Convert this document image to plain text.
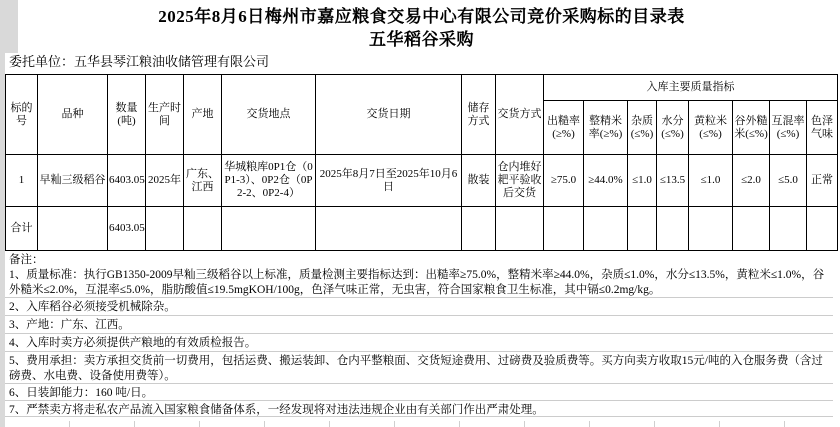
2025年8月6日梅州市嘉应粮食交易中心有限公司竞价采购标的目录表
五华稻谷采购
委托单位：五华县琴江粮油收储管理有限公司
标的号	品种	数量(吨)	生产时间	产地	交货地点	交货日期	储存方式	交货方式	入库主要质量指标							
									出糙率(≥%)	整精米率(≥%)	杂质(≤%)	水分(≤%)	黄粒米(≤%)	谷外糙米(≤%)	互混率(≤%)	色泽气味
1	早籼三级稻谷	6403.05	2025年	广东、江西	华城粮库0P1仓（0P1-3）、0P2仓（0P2-2、0P2-4）	2025年8月7日至2025年10月6日	散装	仓内堆好耙平验收后交货	≥75.0	≥44.0%	≤1.0	≤13.5	≤1.0	≤2.0	≤5.0	正常
合计		6403.05														
备注：
1、质量标准：执行GB1350-2009早籼三级稻谷以上标准，质量检测主要指标达到：出糙率≥75.0%，整精米率≥44.0%，杂质≤1.0%，水分≤13.5%，黄粒米≤1.0%，谷外糙米≤2.0%，互混率≤5.0%，脂肪酸值≤19.5mgKOH/100g，色泽气味正常，无虫害，符合国家粮食卫生标准，其中镉≤0.2mg/kg。
2、入库稻谷必须接受机械除杂。
3、产地：广东、江西。
4、入库时卖方必须提供产粮地的有效质检报告。
5、费用承担：卖方承担交货前一切费用，包括运费、搬运装卸、仓内平整粮面、交货短途费用、过磅费及验质费等。买方向卖方收取15元/吨的入仓服务费（含过磅费、水电费、设备使用费等）。
6、日装卸能力：160 吨/日。
7、严禁卖方将走私农产品流入国家粮食储备体系，一经发现将对违法违规企业由有关部门作出严肃处理。
